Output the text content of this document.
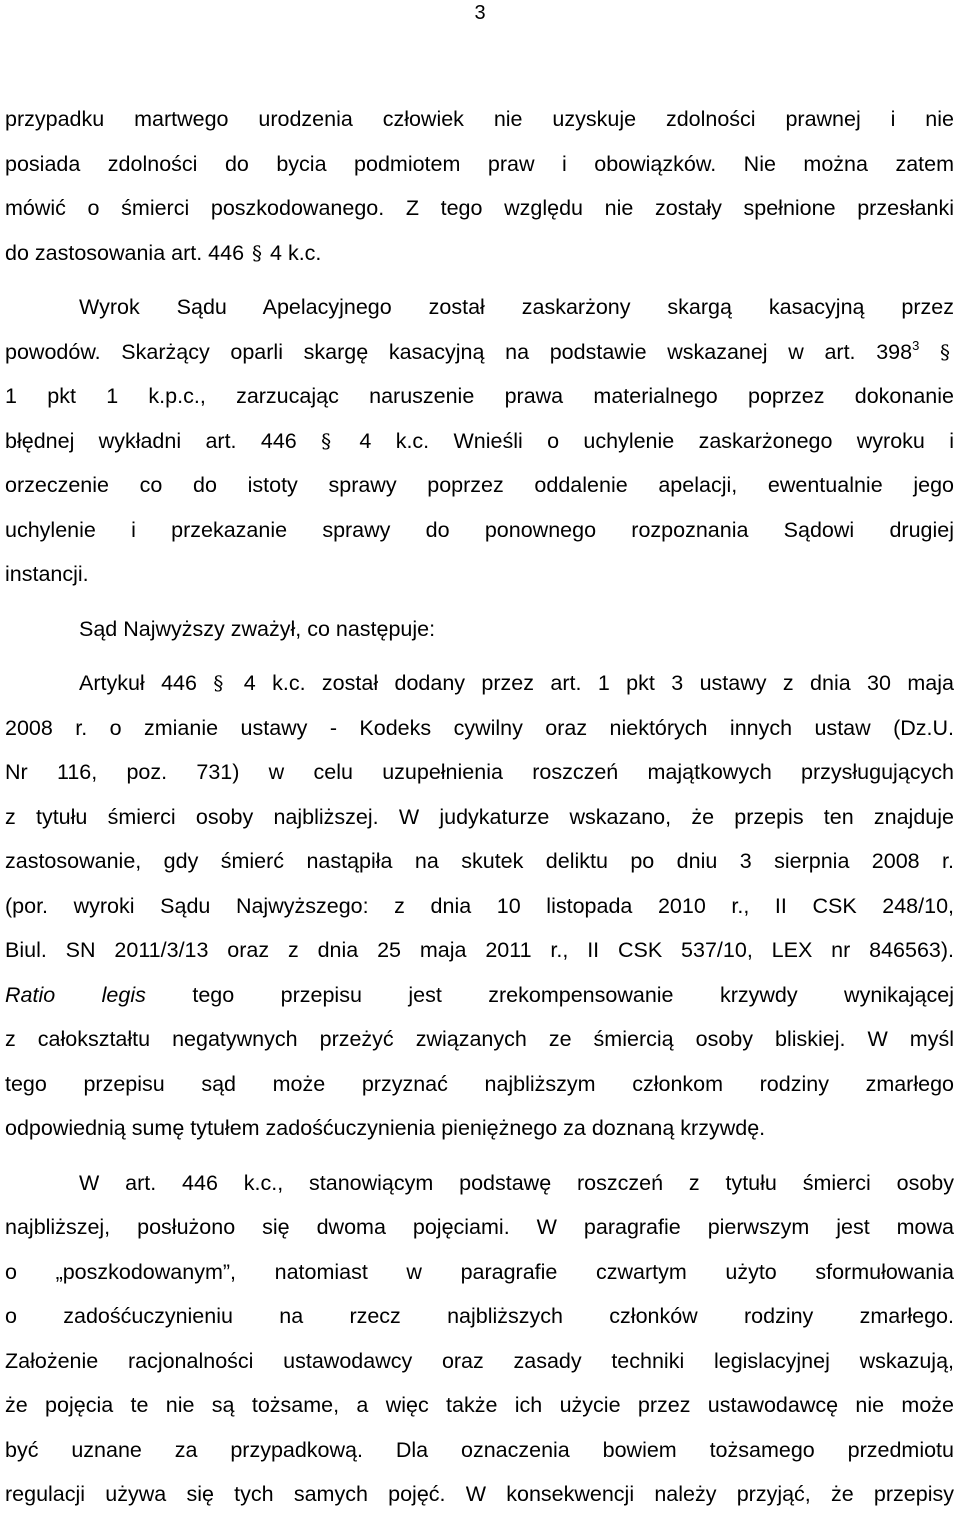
3
przypadku martwego urodzenia człowiek nie uzyskuje zdolności prawnej i nie
posiada zdolności do bycia podmiotem praw i obowiązków. Nie można zatem
mówić o śmierci poszkodowanego. Z tego względu nie zostały spełnione przesłanki
do zastosowania art. 446 § 4 k.c.
Wyrok Sądu Apelacyjnego został zaskarżony skargą kasacyjną przez
powodów. Skarżący oparli skargę kasacyjną na podstawie wskazanej w art. $398^3$ §
1 pkt 1 k.p.c., zarzucając naruszenie prawa materialnego poprzez dokonanie
błędnej wykładni art. 446 § 4 k.c. Wnieśli o uchylenie zaskarżonego wyroku i
orzeczenie co do istoty sprawy poprzez oddalenie apelacji, ewentualnie jego
uchylenie i przekazanie sprawy do ponownego rozpoznania Sądowi drugiej
instancji.
Sąd Najwyższy zważył, co następuje:
Artykuł 446 § 4 k.c. został dodany przez art. 1 pkt 3 ustawy z dnia 30 maja
2008 r. o zmianie ustawy - Kodeks cywilny oraz niektórych innych ustaw (Dz.U.
Nr 116, poz. 731) w celu uzupełnienia roszczeń majątkowych przysługujących
z tytułu śmierci osoby najbliższej. W judykaturze wskazano, że przepis ten znajduje
zastosowanie, gdy śmierć nastąpiła na skutek deliktu po dniu 3 sierpnia 2008 r.
(por. wyroki Sądu Najwyższego: z dnia 10 listopada 2010 r., II CSK 248/10,
Biul. SN 2011/3/13 oraz z dnia 25 maja 2011 r., II CSK 537/10, LEX nr 846563).
Ratio legis tego przepisu jest zrekompensowanie krzywdy wynikającej
z całokształtu negatywnych przeżyć związanych ze śmiercią osoby bliskiej. W myśl
tego przepisu sąd może przyznać najbliższym członkom rodziny zmarłego
odpowiednią sumę tytułem zadośćuczynienia pieniężnego za doznaną krzywdę.
W art. 446 k.c., stanowiącym podstawę roszczeń z tytułu śmierci osoby
najbliższej, posłużono się dwoma pojęciami. W paragrafie pierwszym jest mowa
o „poszkodowanym”, natomiast w paragrafie czwartym użyto sformułowania
o zadośćuczynieniu na rzecz najbliższych członków rodziny zmarłego.
Założenie racjonalności ustawodawcy oraz zasady techniki legislacyjnej wskazują,
że pojęcia te nie są tożsame, a więc także ich użycie przez ustawodawcę nie może
być uznane za przypadkową. Dla oznaczenia bowiem tożsamego przedmiotu
regulacji używa się tych samych pojęć. W konsekwencji należy przyjąć, że przepisy
